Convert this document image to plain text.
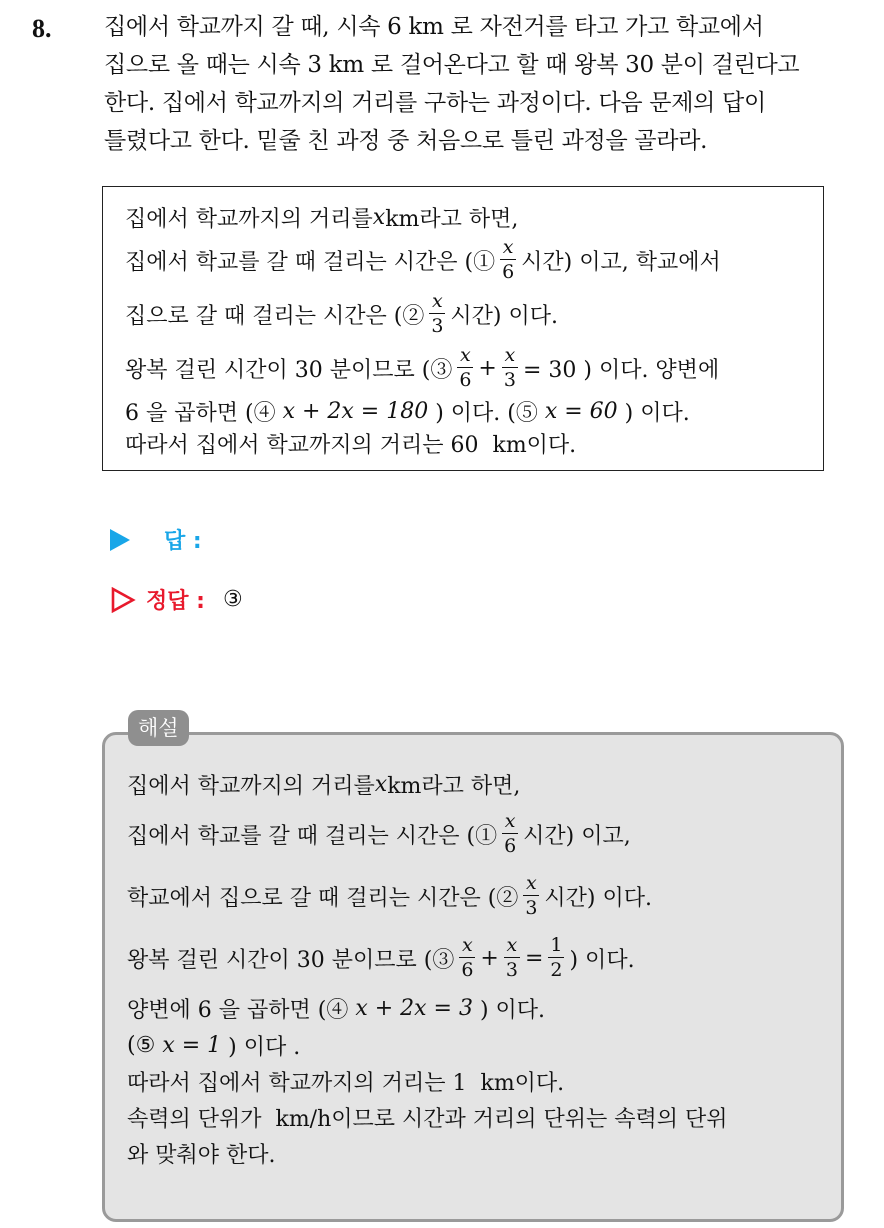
8. 집에서 학교까지 갈 때, 시속 6 km 로 자전거를 타고 가고 학교에서
집으로 올 때는 시속 3 km 로 걸어온다고 할 때 왕복 30 분이 걸린다고
한다. 집에서 학교까지의 거리를 구하는 과정이다. 다음 문제의 답이
틀렸다고 한다. 밑줄 친 과정 중 처음으로 틀린 과정을 골라라.
집에서 학교까지의 거리를 x km라고 하면,
집에서 학교를 갈 때 걸리는 시간은 (① $\frac{x}{6}$ 시간) 이고, 학교에서
집으로 갈 때 걸리는 시간은 (② $\frac{x}{3}$ 시간) 이다.
왕복 걸린 시간이 30 분이므로 (③ $\frac{x}{6} + \frac{x}{3} = 30$ ) 이다. 양변에
6 을 곱하면 (④ x + 2x = 180 ) 이다. (⑤ x = 60 ) 이다.
따라서 집에서 학교까지의 거리는 60  km이다.
답 :
정답 : ③
해설
집에서 학교까지의 거리를 x km라고 하면,
집에서 학교를 갈 때 걸리는 시간은 (① $\frac{x}{6}$ 시간) 이고,
학교에서 집으로 갈 때 걸리는 시간은 (② $\frac{x}{3}$ 시간) 이다.
왕복 걸린 시간이 30 분이므로 (③ $\frac{x}{6} + \frac{x}{3} = \frac{1}{2}$ ) 이다.
양변에 6 을 곱하면 (④ x + 2x = 3 ) 이다.
(⑤ x = 1 ) 이다 .
따라서 집에서 학교까지의 거리는 1  km이다.
속력의 단위가  km/h이므로 시간과 거리의 단위는 속력의 단위
와 맞춰야 한다.
